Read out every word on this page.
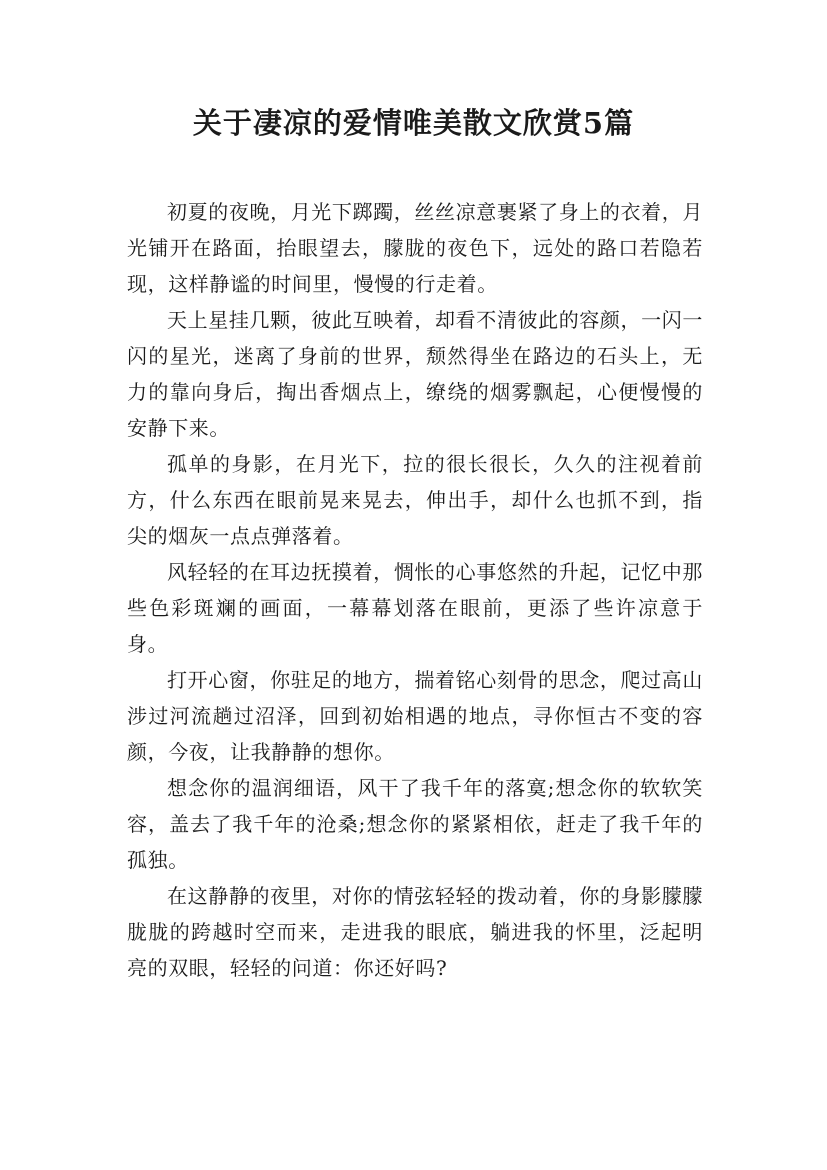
关于凄凉的爱情唯美散文欣赏5篇

初夏的夜晚，月光下踯躅，丝丝凉意裹紧了身上的衣着，月光铺开在路面，抬眼望去，朦胧的夜色下，远处的路口若隐若现，这样静谧的时间里，慢慢的行走着。

天上星挂几颗，彼此互映着，却看不清彼此的容颜，一闪一闪的星光，迷离了身前的世界，颓然得坐在路边的石头上，无力的靠向身后，掏出香烟点上，缭绕的烟雾飘起，心便慢慢的安静下来。

孤单的身影，在月光下，拉的很长很长，久久的注视着前方，什么东西在眼前晃来晃去，伸出手，却什么也抓不到，指尖的烟灰一点点弹落着。

风轻轻的在耳边抚摸着，惆怅的心事悠然的升起，记忆中那些色彩斑斓的画面，一幕幕划落在眼前，更添了些许凉意于身。

打开心窗，你驻足的地方，揣着铭心刻骨的思念，爬过高山涉过河流趟过沼泽，回到初始相遇的地点，寻你恒古不变的容颜，今夜，让我静静的想你。

想念你的温润细语，风干了我千年的落寞;想念你的软软笑容，盖去了我千年的沧桑;想念你的紧紧相依，赶走了我千年的孤独。

在这静静的夜里，对你的情弦轻轻的拨动着，你的身影朦朦胧胧的跨越时空而来，走进我的眼底，躺进我的怀里，泛起明亮的双眼，轻轻的问道：你还好吗?
